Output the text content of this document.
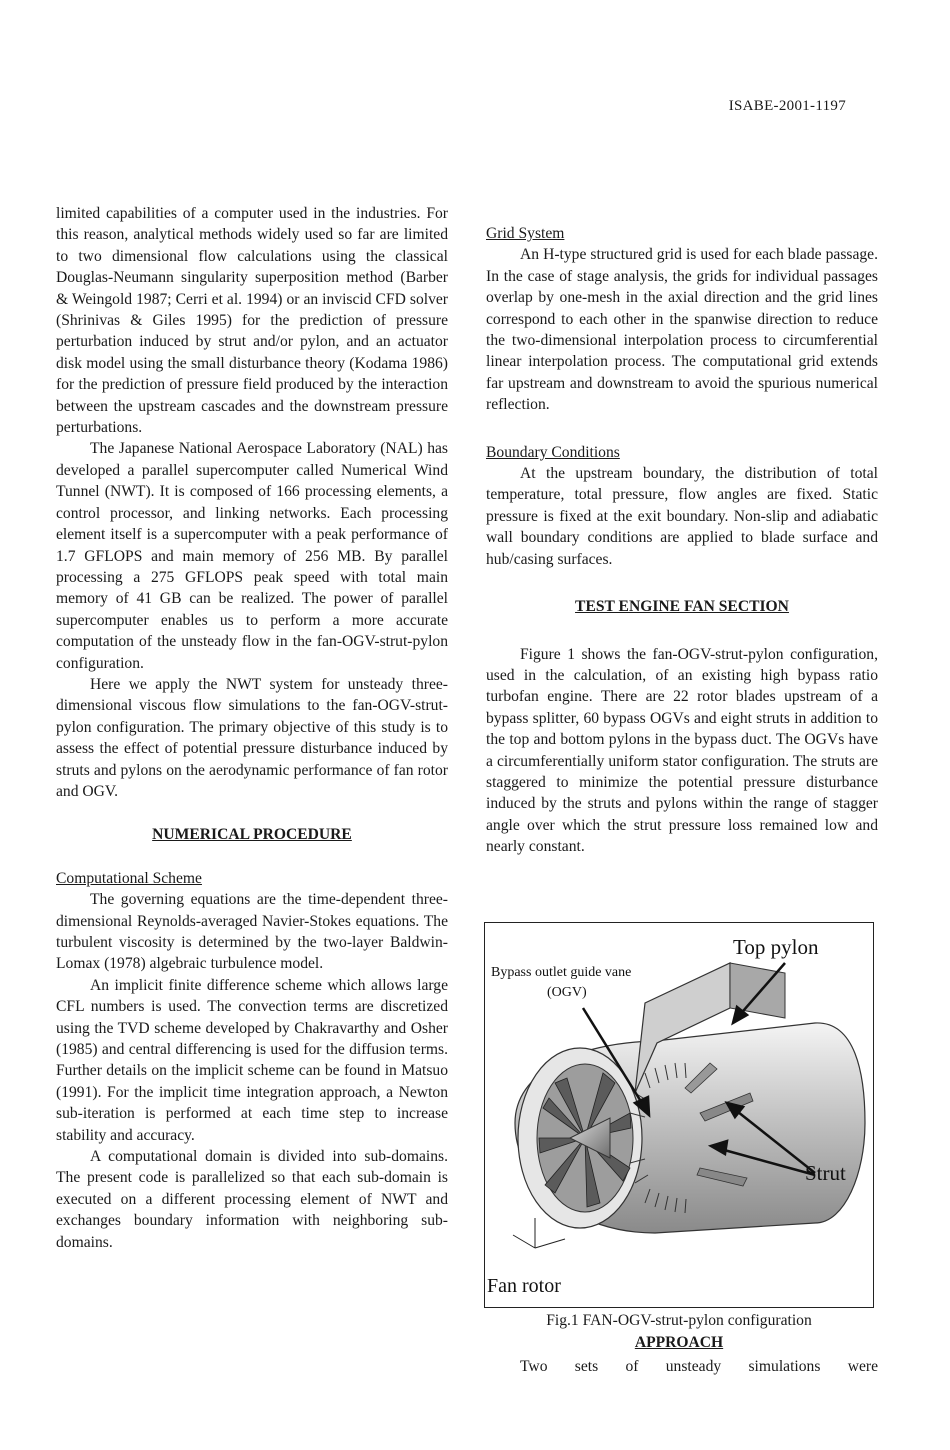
ISABE-2001-1197

limited capabilities of a computer used in the industries. For this reason, analytical methods widely used so far are limited to two dimensional flow calculations using the classical Douglas-Neumann singularity superposition method (Barber & Weingold 1987; Cerri et al. 1994) or an inviscid CFD solver (Shrinivas & Giles 1995) for the prediction of pressure perturbation induced by strut and/or pylon, and an actuator disk model using the small disturbance theory (Kodama 1986) for the prediction of pressure field produced by the interaction between the upstream cascades and the downstream pressure perturbations.

The Japanese National Aerospace Laboratory (NAL) has developed a parallel supercomputer called Numerical Wind Tunnel (NWT). It is composed of 166 processing elements, a control processor, and linking networks. Each processing element itself is a supercomputer with a peak performance of 1.7 GFLOPS and main memory of 256 MB. By parallel processing a 275 GFLOPS peak speed with total main memory of 41 GB can be realized. The power of parallel supercomputer enables us to perform a more accurate computation of the unsteady flow in the fan-OGV-strut-pylon configuration.

Here we apply the NWT system for unsteady three-dimensional viscous flow simulations to the fan-OGV-strut-pylon configuration. The primary objective of this study is to assess the effect of potential pressure disturbance induced by struts and pylons on the aerodynamic performance of fan rotor and OGV.

NUMERICAL PROCEDURE
Computational Scheme

The governing equations are the time-dependent three-dimensional Reynolds-averaged Navier-Stokes equations. The turbulent viscosity is determined by the two-layer Baldwin-Lomax (1978) algebraic turbulence model.

An implicit finite difference scheme which allows large CFL numbers is used. The convection terms are discretized using the TVD scheme developed by Chakravarthy and Osher (1985) and central differencing is used for the diffusion terms. Further details on the implicit scheme can be found in Matsuo (1991). For the implicit time integration approach, a Newton sub-iteration is performed at each time step to increase stability and accuracy.

A computational domain is divided into sub-domains. The present code is parallelized so that each sub-domain is executed on a different processing element of NWT and exchanges boundary information with neighboring sub-domains.

Grid System

An H-type structured grid is used for each blade passage. In the case of stage analysis, the grids for individual passages overlap by one-mesh in the axial direction and the grid lines correspond to each other in the spanwise direction to reduce the two-dimensional interpolation process to circumferential linear interpolation process. The computational grid extends far upstream and downstream to avoid the spurious numerical reflection.

Boundary Conditions

At the upstream boundary, the distribution of total temperature, total pressure, flow angles are fixed. Static pressure is fixed at the exit boundary. Non-slip and adiabatic wall boundary conditions are applied to blade surface and hub/casing surfaces.

TEST ENGINE FAN SECTION

Figure 1 shows the fan-OGV-strut-pylon configuration, used in the calculation, of an existing high bypass ratio turbofan engine. There are 22 rotor blades upstream of a bypass splitter, 60 bypass OGVs and eight struts in addition to the top and bottom pylons in the bypass duct. The OGVs have a circumferentially uniform stator configuration. The struts are staggered to minimize the potential pressure disturbance induced by the struts and pylons within the range of stagger angle over which the strut pressure loss remained low and nearly constant.

Top pylon
Bypass outlet guide vane
(OGV)
Strut
Fan rotor
Fig.1 FAN-OGV-strut-pylon configuration
APPROACH
Two sets of unsteady simulations were
